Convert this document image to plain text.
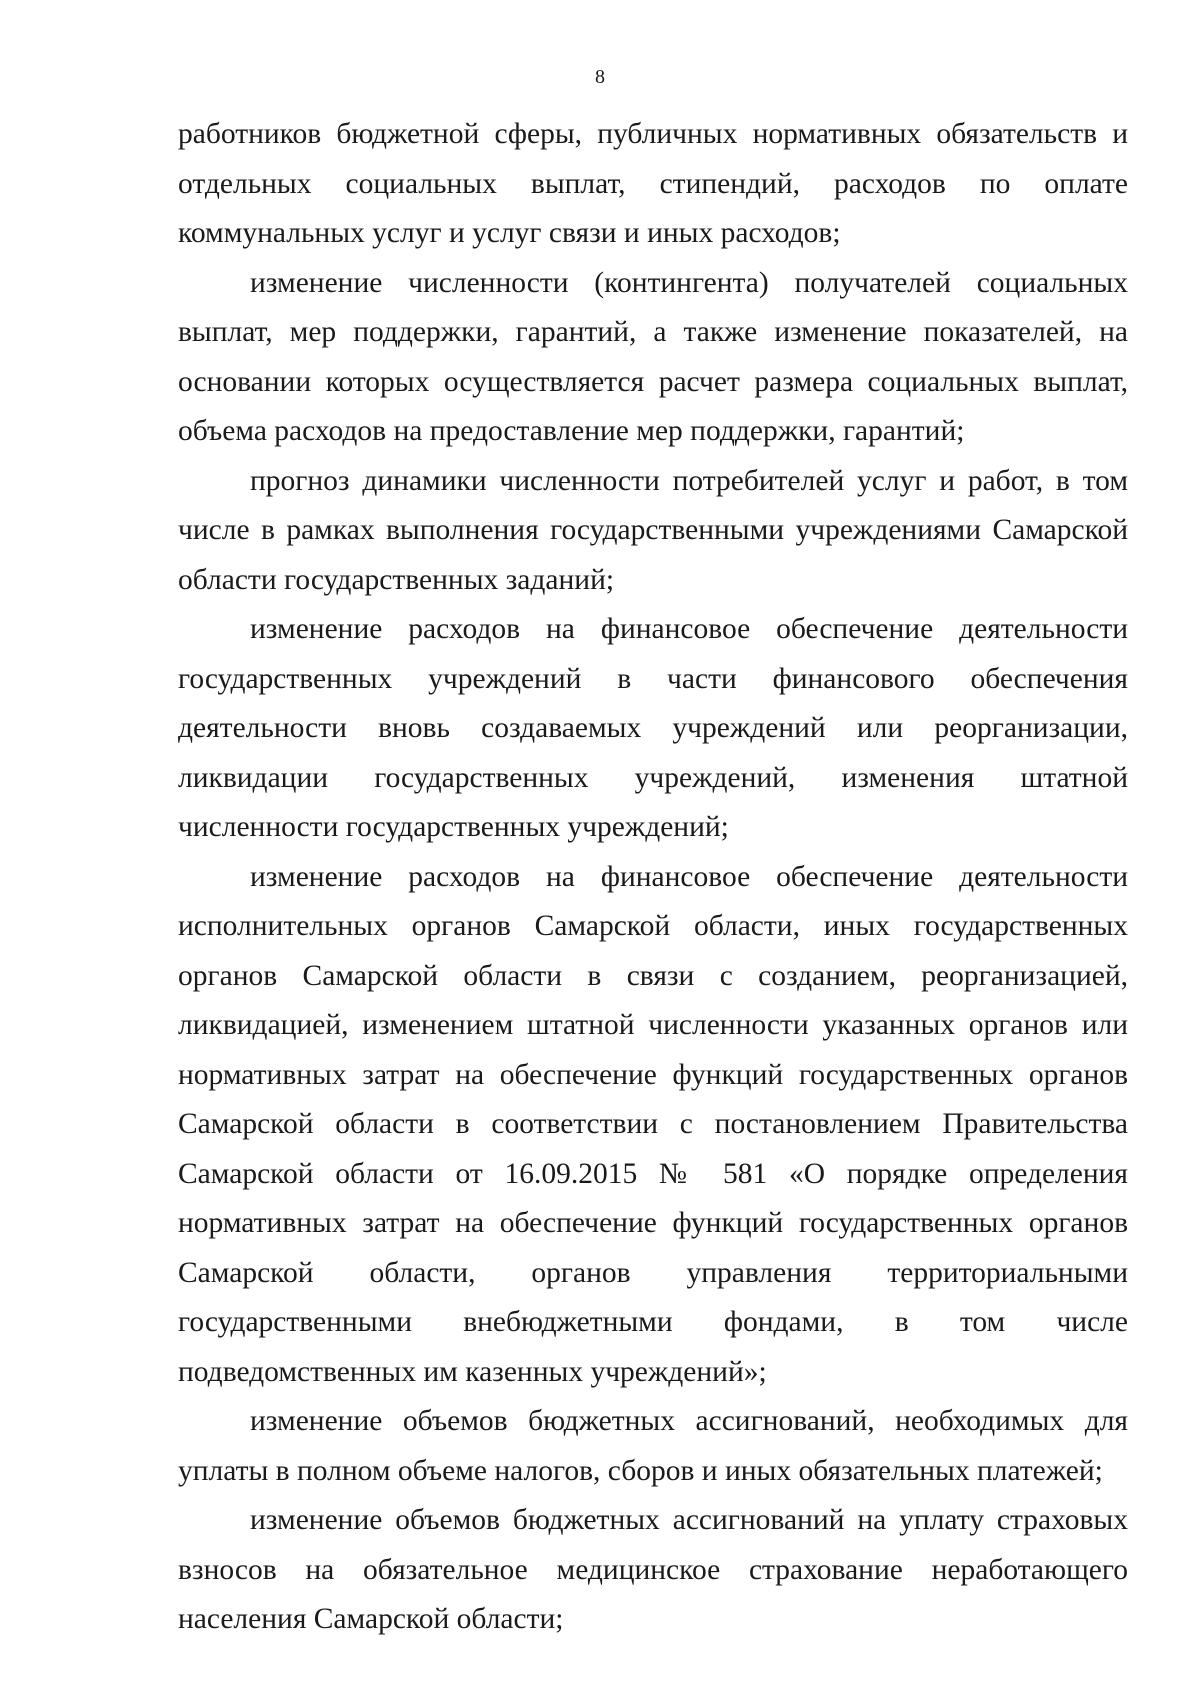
8

работников бюджетной сферы, публичных нормативных обязательств и отдельных социальных выплат, стипендий, расходов по оплате коммунальных услуг и услуг связи и иных расходов;

изменение численности (контингента) получателей социальных выплат, мер поддержки, гарантий, а также изменение показателей, на основании которых осуществляется расчет размера социальных выплат, объема расходов на предоставление мер поддержки, гарантий;

прогноз динамики численности потребителей услуг и работ, в том числе в рамках выполнения государственными учреждениями Самарской области государственных заданий;

изменение расходов на финансовое обеспечение деятельности государственных учреждений в части финансового обеспечения деятельности вновь создаваемых учреждений или реорганизации, ликвидации государственных учреждений, изменения штатной численности государственных учреждений;

изменение расходов на финансовое обеспечение деятельности исполнительных органов Самарской области, иных государственных органов Самарской области в связи с созданием, реорганизацией, ликвидацией, изменением штатной численности указанных органов или нормативных затрат на обеспечение функций государственных органов Самарской области в соответствии с постановлением Правительства Самарской области от 16.09.2015 № 581 «О порядке определения нормативных затрат на обеспечение функций государственных органов Самарской области, органов управления территориальными государственными внебюджетными фондами, в том числе подведомственных им казенных учреждений»;

изменение объемов бюджетных ассигнований, необходимых для уплаты в полном объеме налогов, сборов и иных обязательных платежей;

изменение объемов бюджетных ассигнований на уплату страховых взносов на обязательное медицинское страхование неработающего населения Самарской области;
